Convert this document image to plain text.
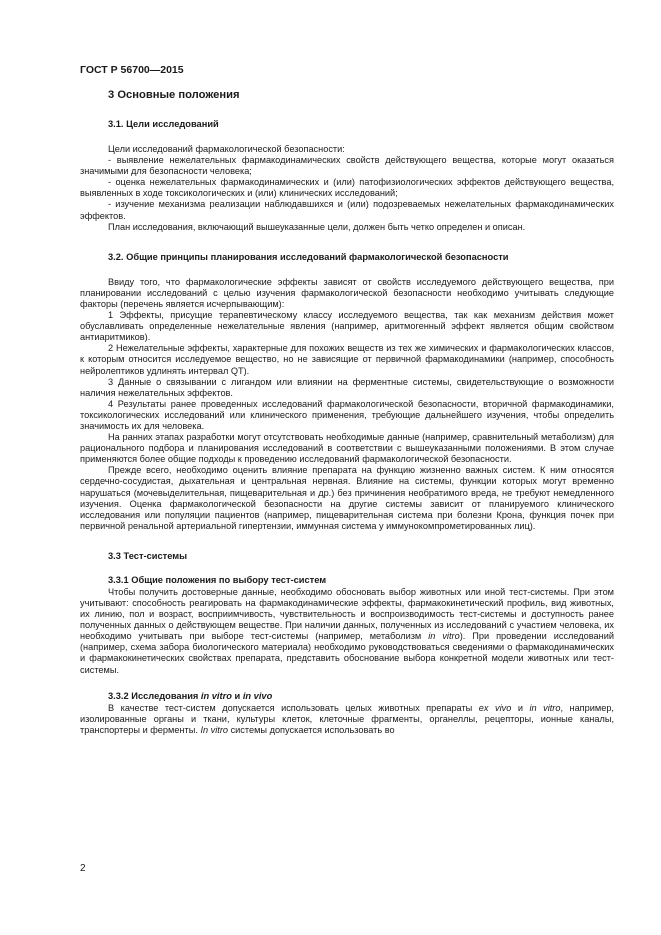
ГОСТ Р 56700—2015
3 Основные положения
3.1. Цели исследований

Цели исследований фармакологической безопасности:

- выявление нежелательных фармакодинамических свойств действующего вещества, которые могут оказаться значимыми для безопасности человека;

- оценка нежелательных фармакодинамических и (или) патофизиологических эффектов действующего вещества, выявленных в ходе токсикологических и (или) клинических исследований;

- изучение механизма реализации наблюдавшихся и (или) подозреваемых нежелательных фармакодинамических эффектов.

План исследования, включающий вышеуказанные цели, должен быть четко определен и описан.

3.2. Общие принципы планирования исследований фармакологической безопасности

Ввиду того, что фармакологические эффекты зависят от свойств исследуемого действующего вещества, при планировании исследований с целью изучения фармакологической безопасности необходимо учитывать следующие факторы (перечень является исчерпывающим):

1 Эффекты, присущие терапевтическому классу исследуемого вещества, так как механизм действия может обуславливать определенные нежелательные явления (например, аритмогенный эффект является общим свойством антиаритмиков).

2 Нежелательные эффекты, характерные для похожих веществ из тех же химических и фармакологических классов, к которым относится исследуемое вещество, но не зависящие от первичной фармакодинамики (например, способность нейролептиков удлинять интервал QT).

3 Данные о связывании с лигандом или влиянии на ферментные системы, свидетельствующие о возможности наличия нежелательных эффектов.

4 Результаты ранее проведенных исследований фармакологической безопасности, вторичной фармакодинамики, токсикологических исследований или клинического применения, требующие дальнейшего изучения, чтобы определить значимость их для человека.

На ранних этапах разработки могут отсутствовать необходимые данные (например, сравнительный метаболизм) для рационального подбора и планирования исследований в соответствии с вышеуказанными положениями. В этом случае применяются более общие подходы к проведению исследований фармакологической безопасности.

Прежде всего, необходимо оценить влияние препарата на функцию жизненно важных систем. К ним относятся сердечно-сосудистая, дыхательная и центральная нервная. Влияние на системы, функции которых могут временно нарушаться (мочевыделительная, пищеварительная и др.) без причинения необратимого вреда, не требуют немедленного изучения. Оценка фармакологической безопасности на другие системы зависит от планируемого клинического исследования или популяции пациентов (например, пищеварительная система при болезни Крона, функция почек при первичной ренальной артериальной гипертензии, иммунная система у иммунокомпрометированных лиц).

3.3 Тест-системы
3.3.1 Общие положения по выбору тест-систем

Чтобы получить достоверные данные, необходимо обосновать выбор животных или иной тест-системы. При этом учитывают: способность реагировать на фармакодинамические эффекты, фармакокинетический профиль, вид животных, их линию, пол и возраст, восприимчивость, чувствительность и воспроизводимость тест-системы и доступность ранее полученных данных о действующем веществе. При наличии данных, полученных из исследований с участием человека, их необходимо учитывать при выборе тест-системы (например, метаболизм in vitro). При проведении исследований (например, схема забора биологического материала) необходимо руководствоваться сведениями о фармакодинамических и фармакокинетических свойствах препарата, представить обоснование выбора конкретной модели животных или тест-системы.

3.3.2 Исследования in vitro и in vivo

В качестве тест-систем допускается использовать целых животных препараты ex vivo и in vitro, например, изолированные органы и ткани, культуры клеток, клеточные фрагменты, органеллы, рецепторы, ионные каналы, транспортеры и ферменты. In vitro системы допускается использовать во

2
